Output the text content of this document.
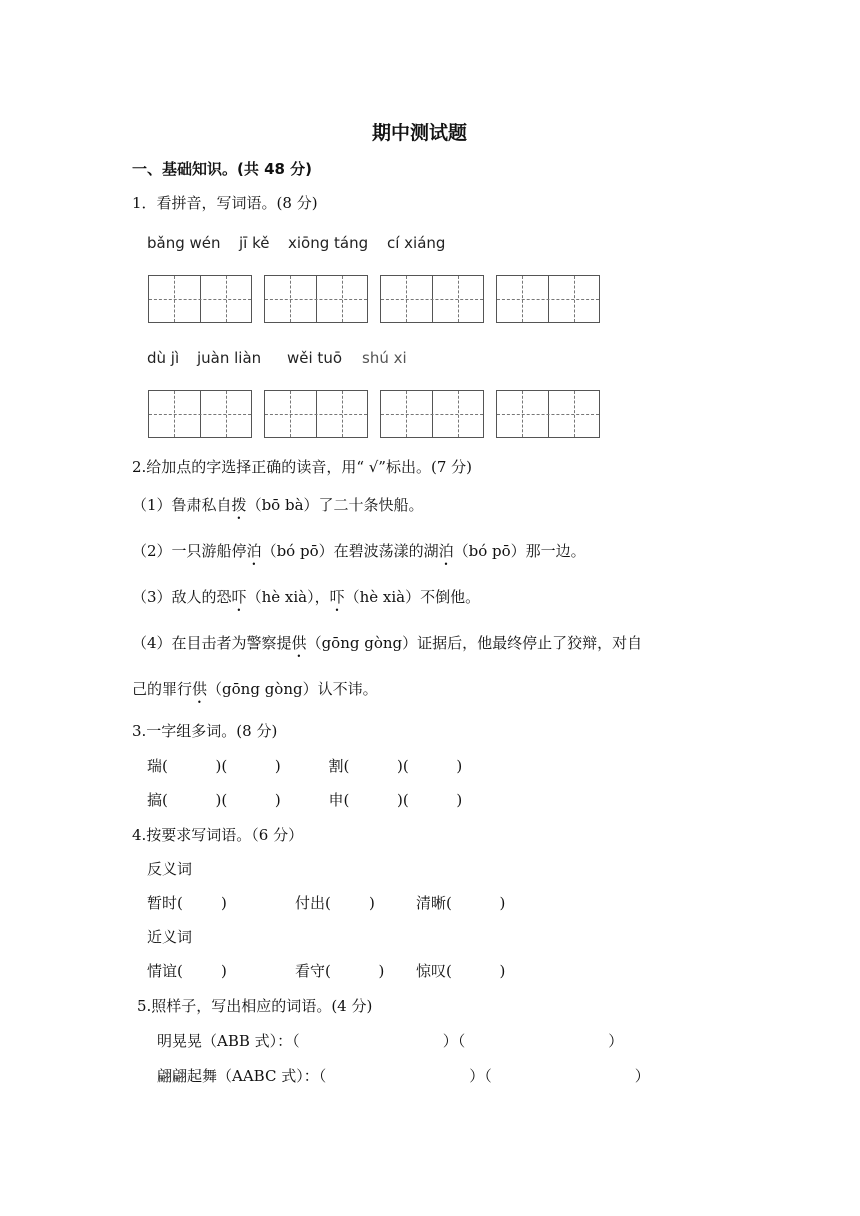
期中测试题
一、基础知识。(共 48 分)
1．看拼音，写词语。(8 分)
bǎng wén jī kě xiōng táng cí xiáng
dù jì juàn liàn wěi tuō shú xi
2.给加点的字选择正确的读音，用“ √”标出。(7 分)
（1）鲁肃私自拨（bō bà）了二十条快船。
（2）一只游船停泊（bó pō）在碧波荡漾的湖泊（bó pō）那一边。
（3）敌人的恐吓（hè xià），吓（hè xià）不倒他。
（4）在目击者为警察提供（gōng gòng）证据后，他最终停止了狡辩，对自
己的罪行供（gōng gòng）认不讳。
3.一字组多词。(8 分)
瑞(          )(          )          割(          )(          )
搞(          )(          )          申(          )(          )
4.按要求写词语。（6 分）
反义词
暂时(        )	付出(        )	清晰(          )
近义词
情谊(        )	看守(          ) 惊叹(          )
5.照样子，写出相应的词语。(4 分)
明晃晃（ABB 式）：（                              ）（                              ）
翩翩起舞（AABC 式）：（                              ）（                              ）
